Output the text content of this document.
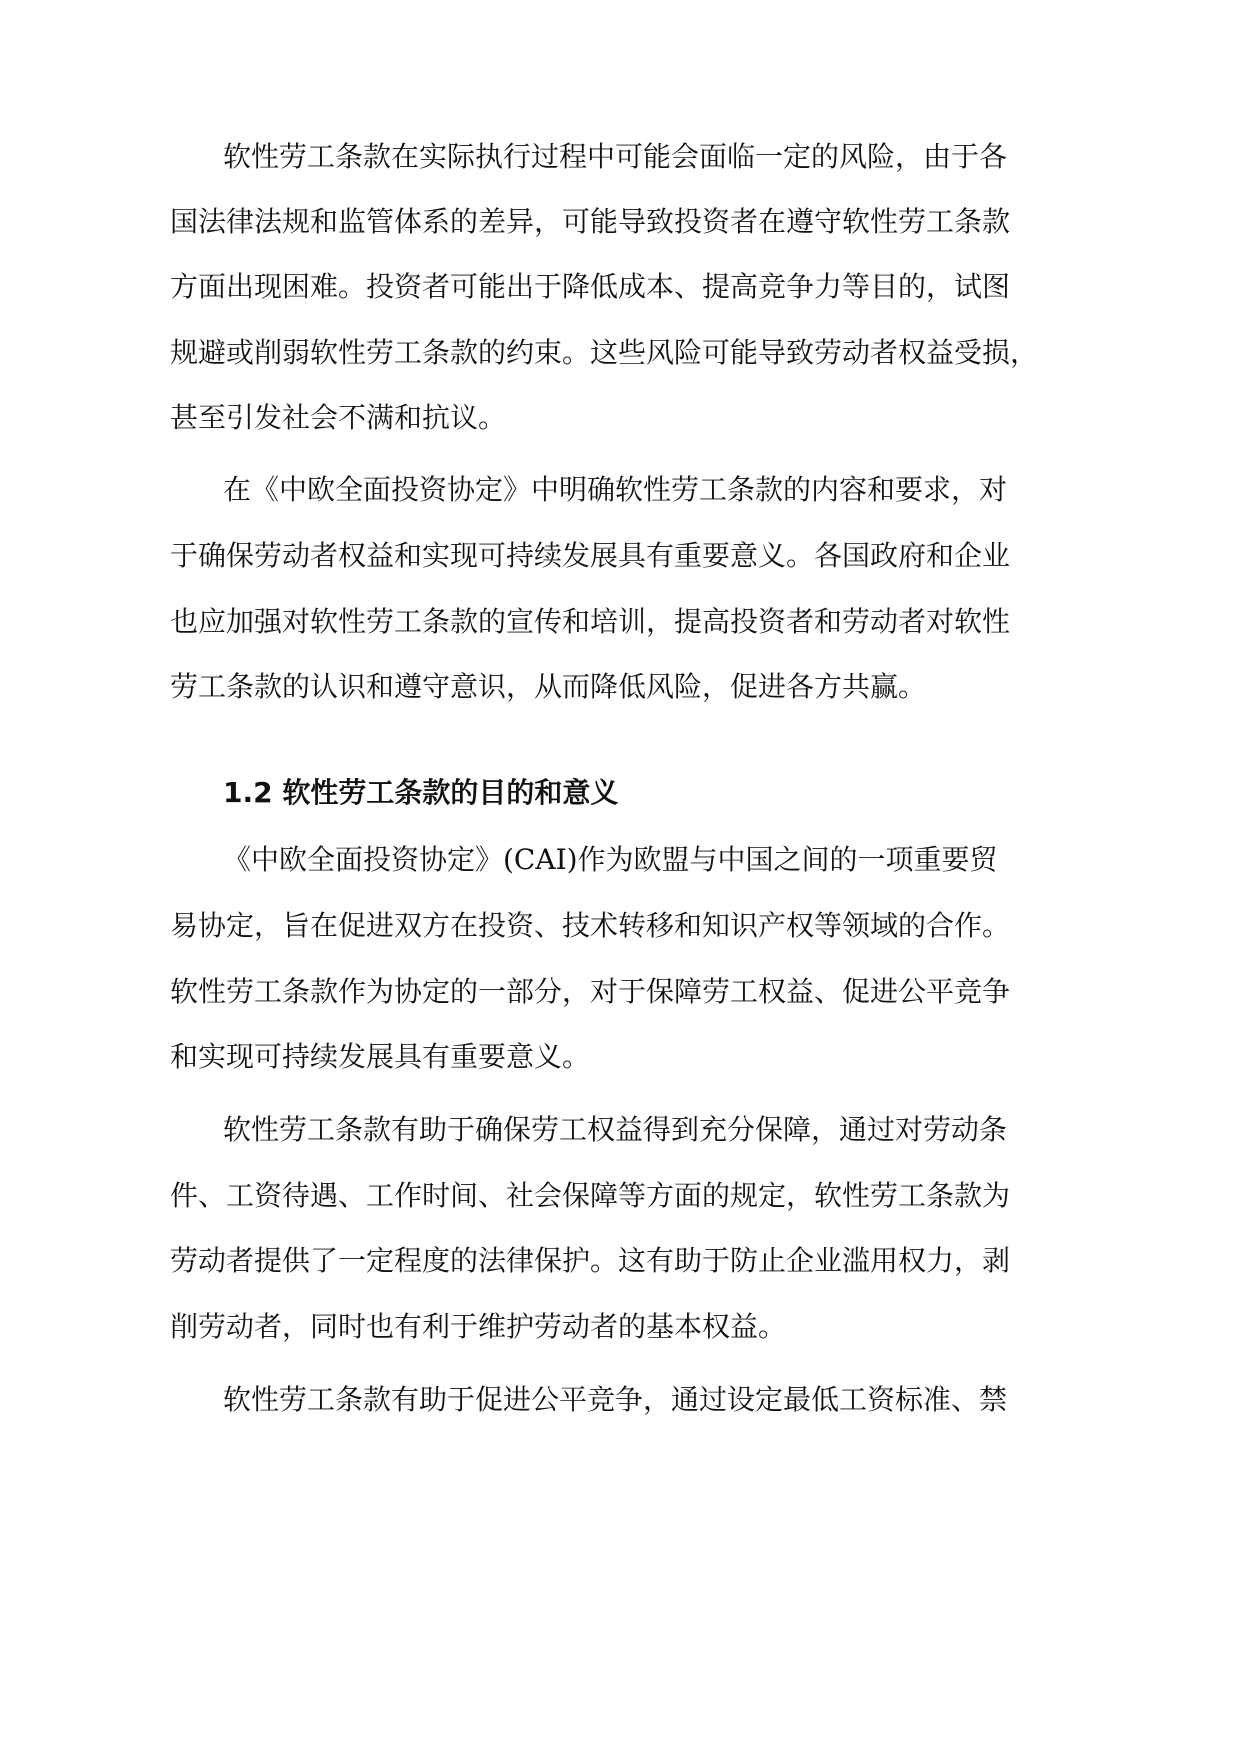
软性劳工条款在实际执行过程中可能会面临一定的风险，由于各
国法律法规和监管体系的差异，可能导致投资者在遵守软性劳工条款
方面出现困难。投资者可能出于降低成本、提高竞争力等目的，试图
规避或削弱软性劳工条款的约束。这些风险可能导致劳动者权益受损，
甚至引发社会不满和抗议。
在《中欧全面投资协定》中明确软性劳工条款的内容和要求，对
于确保劳动者权益和实现可持续发展具有重要意义。各国政府和企业
也应加强对软性劳工条款的宣传和培训，提高投资者和劳动者对软性
劳工条款的认识和遵守意识，从而降低风险，促进各方共赢。
1.2 软性劳工条款的目的和意义
《中欧全面投资协定》(CAI)作为欧盟与中国之间的一项重要贸
易协定，旨在促进双方在投资、技术转移和知识产权等领域的合作。
软性劳工条款作为协定的一部分，对于保障劳工权益、促进公平竞争
和实现可持续发展具有重要意义。
软性劳工条款有助于确保劳工权益得到充分保障，通过对劳动条
件、工资待遇、工作时间、社会保障等方面的规定，软性劳工条款为
劳动者提供了一定程度的法律保护。这有助于防止企业滥用权力，剥
削劳动者，同时也有利于维护劳动者的基本权益。
软性劳工条款有助于促进公平竞争，通过设定最低工资标准、禁
